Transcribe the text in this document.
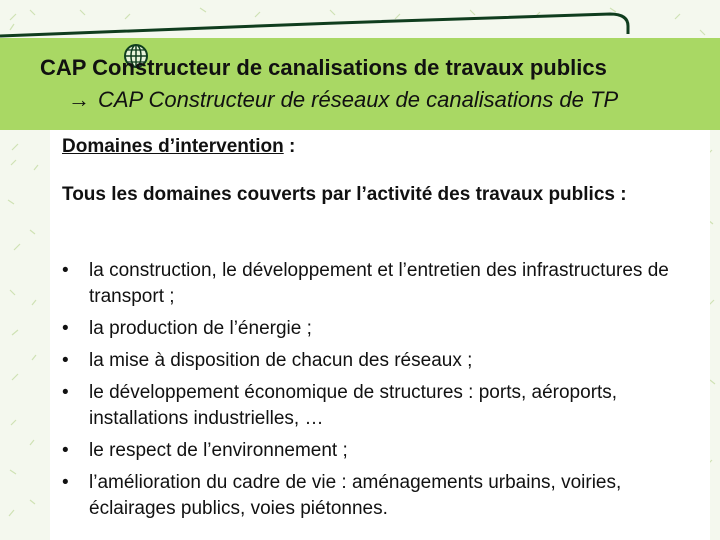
CAP Constructeur de canalisations de travaux publics
→ CAP Constructeur de réseaux de canalisations de TP
Domaines d’intervention :
Tous les domaines couverts par l’activité des travaux publics :
• la construction, le développement et l’entretien des infrastructures de transport ;
• la production de l’énergie ;
• la mise à disposition de chacun des réseaux ;
• le développement économique de structures : ports, aéroports, installations industrielles, …
• le respect de l’environnement ;
• l’amélioration du cadre de vie : aménagements urbains, voiries, éclairages publics, voies piétonnes.
